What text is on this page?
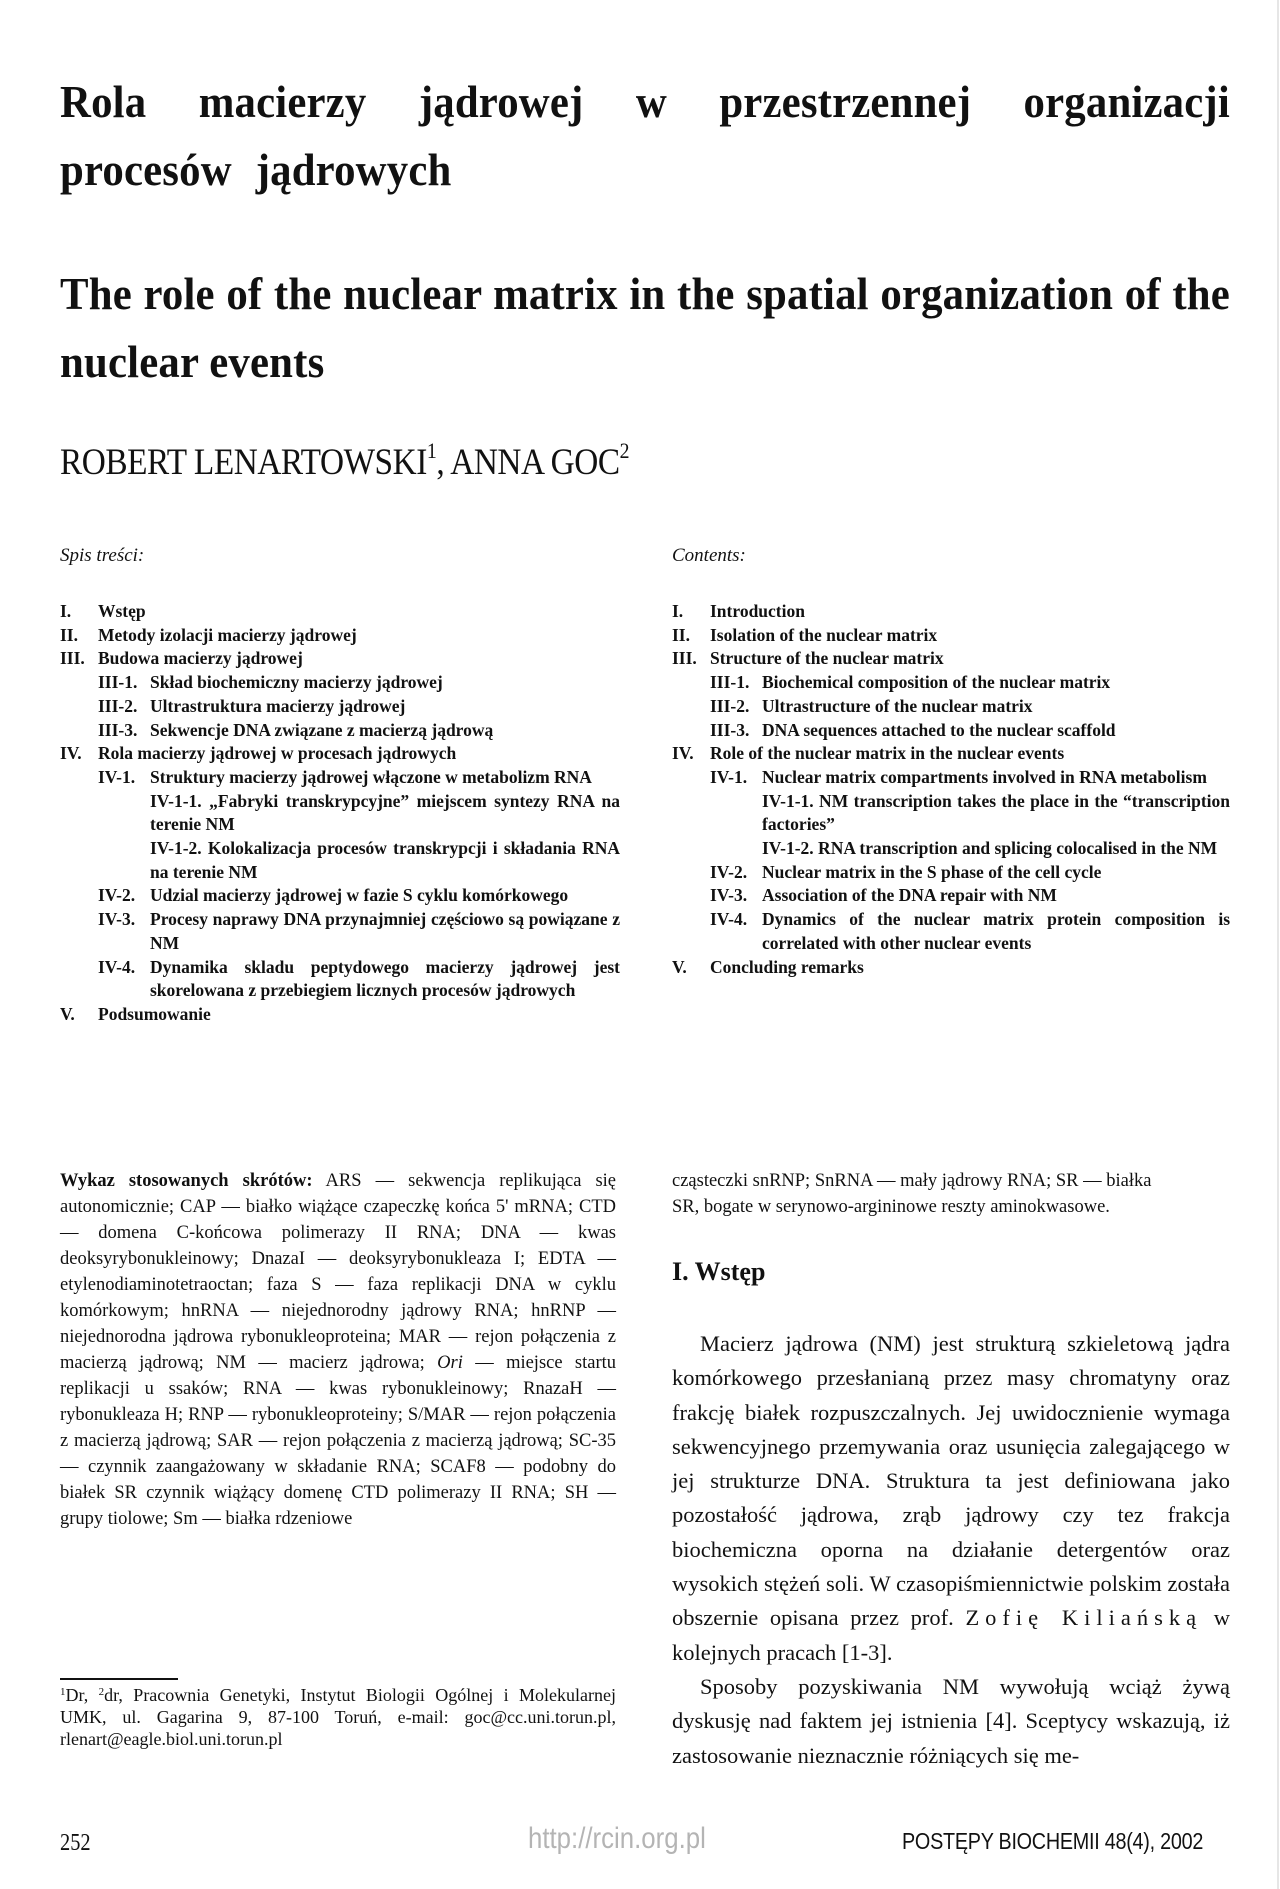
Rola macierzy jądrowej w przestrzennej organizacji procesów jądrowych
The role of the nuclear matrix in the spatial organization of the nuclear events
ROBERT LENARTOWSKI$^1$, ANNA GOC$^2$
Spis treści:
I.	Wstęp
II.	Metody izolacji macierzy jądrowej
III. Budowa macierzy jądrowej
III-1. Skład biochemiczny macierzy jądrowej
III-2. Ultrastruktura macierzy jądrowej
III-3. Sekwencje DNA związane z macierzą jądrową
IV. Rola macierzy jądrowej w procesach jądrowych
IV-1. Struktury macierzy jądrowej włączone w metabolizm RNA
IV-1-1. „Fabryki transkrypcyjne” miejscem syntezy RNA na terenie NM
IV-1-2. Kolokalizacja procesów transkrypcji i składania RNA na terenie NM
IV-2. Udzial macierzy jądrowej w fazie S cyklu komórkowego
IV-3. Procesy naprawy DNA przynajmniej częściowo są powiązane z NM
IV-4. Dynamika skladu peptydowego macierzy jądrowej jest skorelowana z przebiegiem licznych procesów jądrowych
V.	Podsumowanie
Contents:
I.	Introduction
II.	Isolation of the nuclear matrix
III. Structure of the nuclear matrix
III-1. Biochemical composition of the nuclear matrix
III-2. Ultrastructure of the nuclear matrix
III-3. DNA sequences attached to the nuclear scaffold
IV. Role of the nuclear matrix in the nuclear events
IV-1. Nuclear matrix compartments involved in RNA metabolism
IV-1-1. NM transcription takes the place in the “transcription factories”
IV-1-2. RNA transcription and splicing colocalised in the NM
IV-2. Nuclear matrix in the S phase of the cell cycle
IV-3. Association of the DNA repair with NM
IV-4. Dynamics of the nuclear matrix protein composition is correlated with other nuclear events
V.	Concluding remarks
Wykaz stosowanych skrótów: ARS — sekwencja replikująca się autonomicznie; CAP — białko wiążące czapeczkę końca 5' mRNA; CTD — domena C-końcowa polimerazy II RNA; DNA — kwas deoksyrybonukleinowy; DnazaI — deoksyrybonukleaza I; EDTA — etylenodiaminotetraoctan; faza S — faza replikacji DNA w cyklu komórkowym; hnRNA — niejednorodny jądrowy RNA; hnRNP — niejednorodna jądrowa rybonukleoproteina; MAR — rejon połączenia z macierzą jądrową; NM — macierz jądrowa; Ori — miejsce startu replikacji u ssaków; RNA — kwas rybonukleinowy; RnazaH — rybonukleaza H; RNP — rybonukleoproteiny; S/MAR — rejon połączenia z macierzą jądrową; SAR — rejon połączenia z macierzą jądrową; SC-35 — czynnik zaangażowany w składanie RNA; SCAF8 — podobny do białek SR czynnik wiążący domenę CTD polimerazy II RNA; SH — grupy tiolowe; Sm — białka rdzeniowe
cząsteczki snRNP; SnRNA — mały jądrowy RNA; SR — białka
SR, bogate w serynowo-argininowe reszty aminokwasowe.
I. Wstęp

Macierz jądrowa (NM) jest strukturą szkieletową jądra komórkowego przesłanianą przez masy chromatyny oraz frakcję białek rozpuszczalnych. Jej uwidocznienie wymaga sekwencyjnego przemywania oraz usunięcia zalegającego w jej strukturze DNA. Struktura ta jest definiowana jako pozostałość jądrowa, zrąb jądrowy czy tez frakcja biochemiczna oporna na działanie detergentów oraz wysokich stężeń soli. W czasopiśmiennictwie polskim została obszernie opisana przez prof. Zofię Kiliańską w kolejnych pracach [1-3].

Sposoby pozyskiwania NM wywołują wciąż żywą dyskusję nad faktem jej istnienia [4]. Sceptycy wskazują, iż zastosowanie nieznacznie różniących się me-

$^1$Dr, $^2$dr, Pracownia Genetyki, Instytut Biologii Ogólnej i Molekularnej UMK, ul. Gagarina 9, 87-100 Toruń, e-mail: goc@cc.uni.torun.pl, rlenart@eagle.biol.uni.torun.pl
252	http://rcin.org.pl	POSTĘPY BIOCHEMII 48(4), 2002
